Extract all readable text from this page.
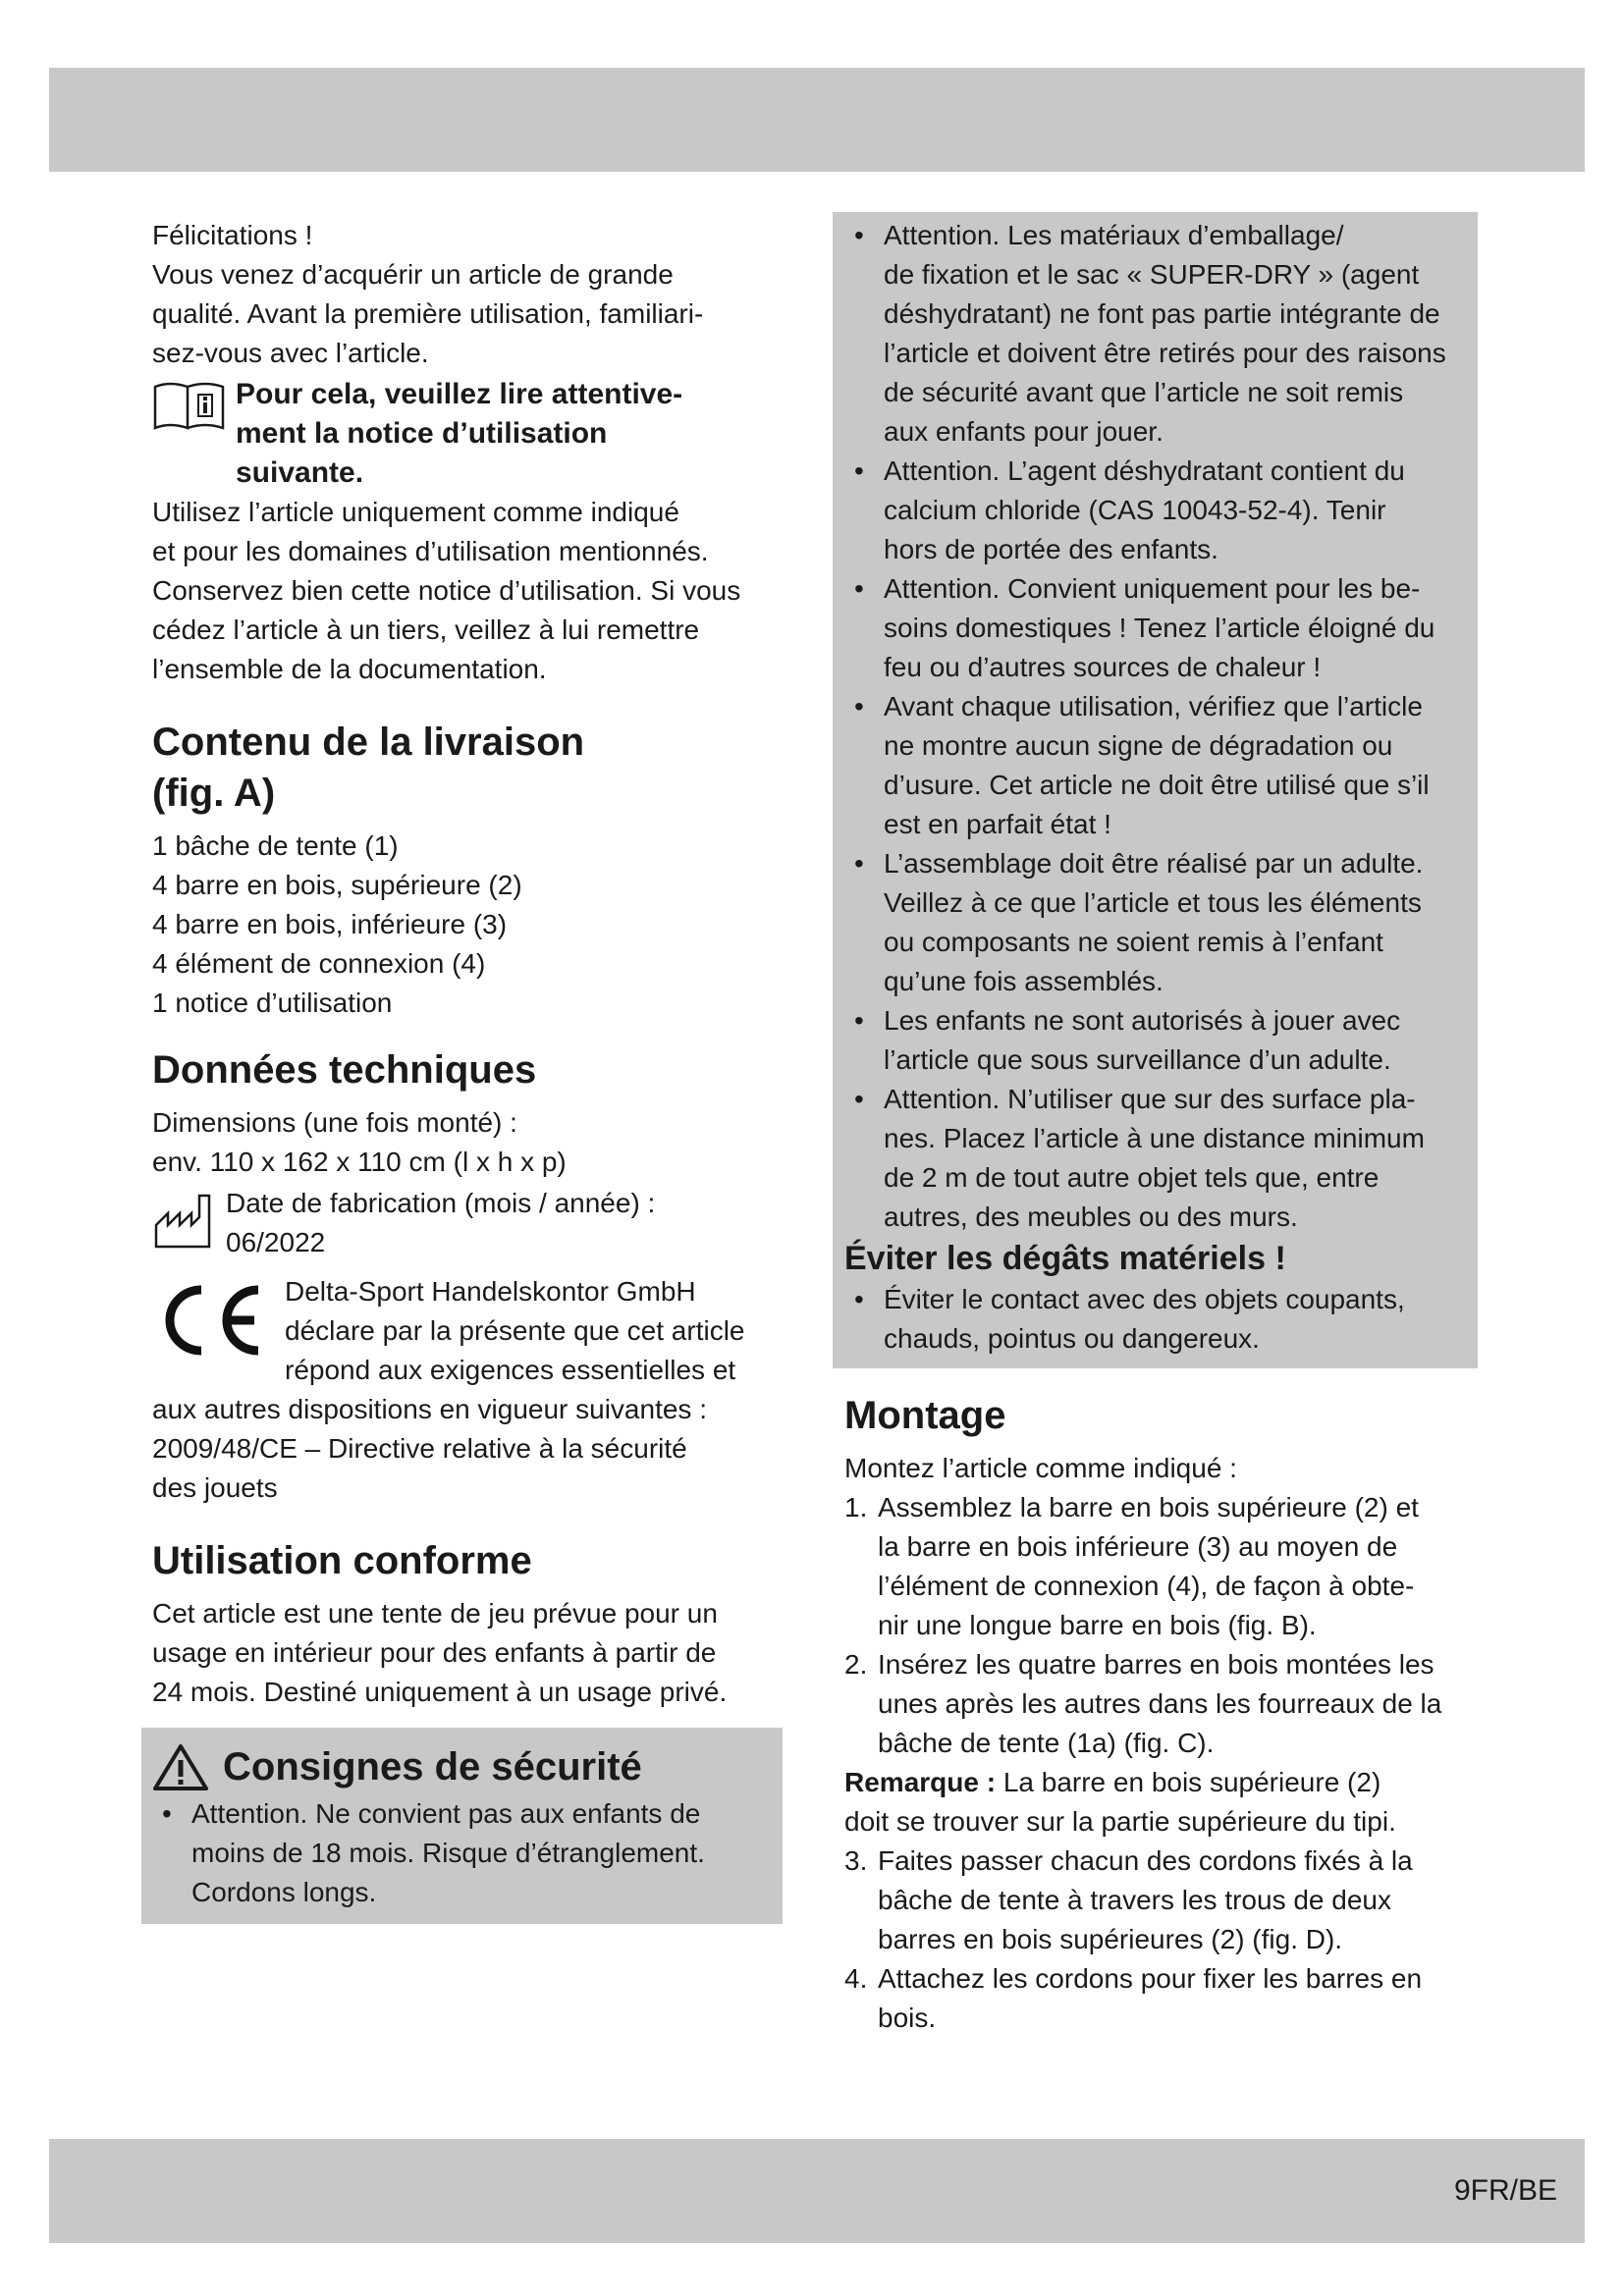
Félicitations !

Vous venez d’acquérir un article de grande

qualité. Avant la première utilisation, familiari-

sez-vous avec l’article.

Pour cela, veuillez lire attentive-
ment la notice d’utilisation
suivante.

Utilisez l’article uniquement comme indiqué

et pour les domaines d’utilisation mentionnés.

Conservez bien cette notice d’utilisation. Si vous

cédez l’article à un tiers, veillez à lui remettre

l’ensemble de la documentation.

Contenu de la livraison
(fig. A)
1 bâche de tente (1)
4 barre en bois, supérieure (2)
4 barre en bois, inférieure (3)
4 élément de connexion (4)
1 notice d’utilisation
Données techniques

Dimensions (une fois monté) :

env. 110 x 162 x 110 cm (l x h x p)

Date de fabrication (mois / année) :
06/2022
Delta-Sport Handelskontor GmbH
déclare par la présente que cet article
répond aux exigences essentielles et
aux autres dispositions en vigueur suivantes :

2009/48/CE – Directive relative à la sécurité

des jouets

Utilisation conforme

Cet article est une tente de jeu prévue pour un

usage en intérieur pour des enfants à partir de

24 mois. Destiné uniquement à un usage privé.

Consignes de sécurité
• Attention. Ne convient pas aux enfants de
moins de 18 mois. Risque d’étranglement.
Cordons longs.
• Attention. Les matériaux d’emballage/
de fixation et le sac « SUPER-DRY » (agent
déshydratant) ne font pas partie intégrante de
l’article et doivent être retirés pour des raisons
de sécurité avant que l’article ne soit remis
aux enfants pour jouer.
• Attention. L’agent déshydratant contient du
calcium chloride (CAS 10043-52-4). Tenir
hors de portée des enfants.
• Attention. Convient uniquement pour les be-
soins domestiques ! Tenez l’article éloigné du
feu ou d’autres sources de chaleur !
• Avant chaque utilisation, vérifiez que l’article
ne montre aucun signe de dégradation ou
d’usure. Cet article ne doit être utilisé que s’il
est en parfait état !
• L’assemblage doit être réalisé par un adulte.
Veillez à ce que l’article et tous les éléments
ou composants ne soient remis à l’enfant
qu’une fois assemblés.
• Les enfants ne sont autorisés à jouer avec
l’article que sous surveillance d’un adulte.
• Attention. N’utiliser que sur des surface pla-
nes. Placez l’article à une distance minimum
de 2 m de tout autre objet tels que, entre
autres, des meubles ou des murs.
Éviter les dégâts matériels !
• Éviter le contact avec des objets coupants,
chauds, pointus ou dangereux.
Montage

Montez l’article comme indiqué :

1. Assemblez la barre en bois supérieure (2) et
la barre en bois inférieure (3) au moyen de
l’élément de connexion (4), de façon à obte-
nir une longue barre en bois (fig. B).
2. Insérez les quatre barres en bois montées les
unes après les autres dans les fourreaux de la
bâche de tente (1a) (fig. C).

Remarque : La barre en bois supérieure (2)

doit se trouver sur la partie supérieure du tipi.

3. Faites passer chacun des cordons fixés à la
bâche de tente à travers les trous de deux
barres en bois supérieures (2) (fig. D).
4. Attachez les cordons pour fixer les barres en
bois.
9FR/BE
